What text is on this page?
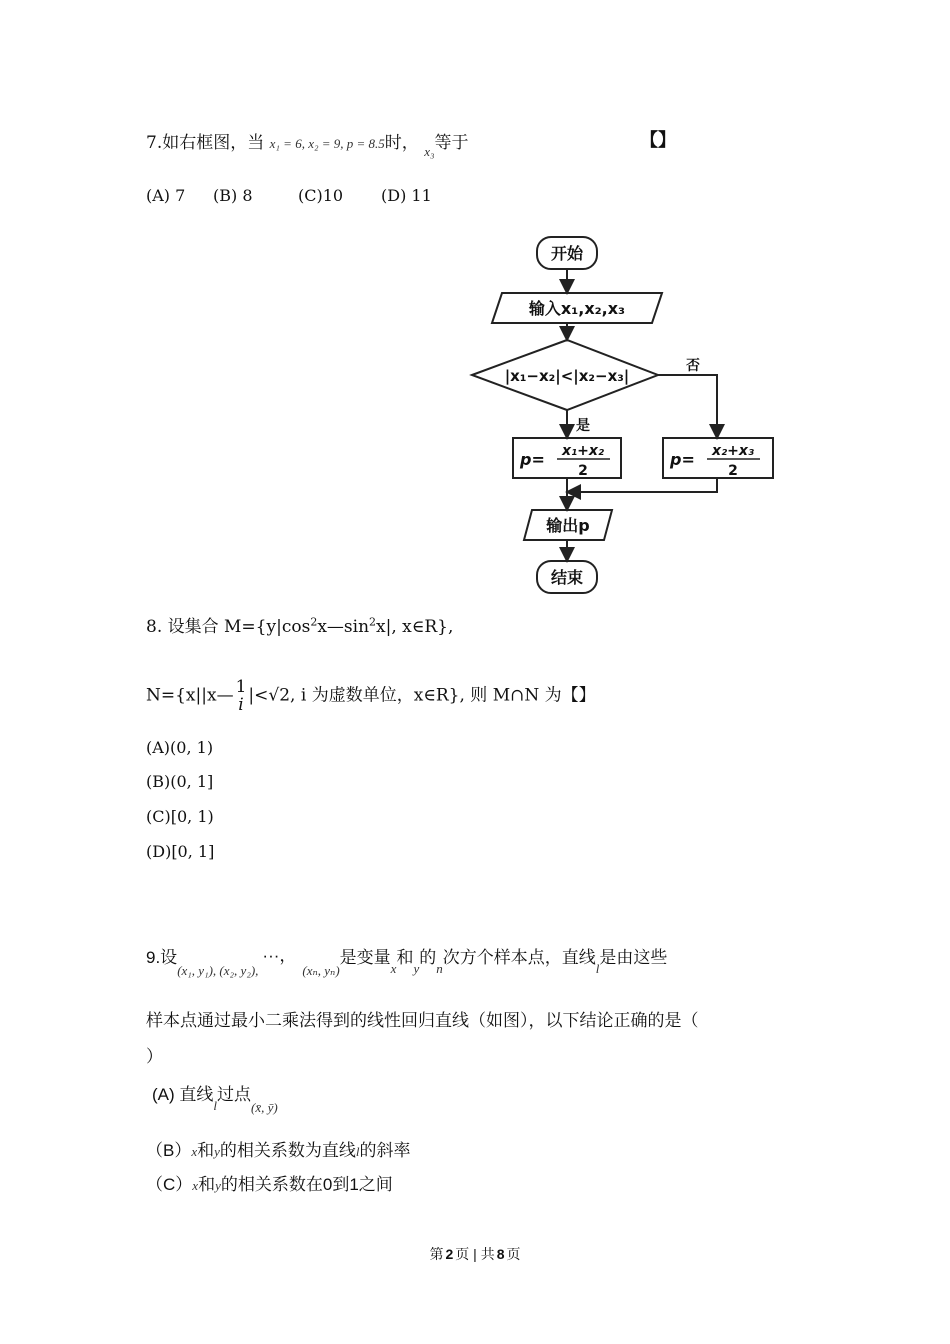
7.如右框图，当 x₁ = 6, x₂ = 9, p = 8.5时， $_{x_3}$等于	【】
(A) 7 (B) 8	(C)10 (D) 11
开始
输入x₁,x₂,x₃
|x₁−x₂|<|x₂−x₃|
否
是
p= x₁+x₂
2
p= x₂+x₃
2
输出p
结束
8. 设集合 $M=\{y|\cos^2x—\sin^2x|$, x∈R},
N={x||x— 1
i |<√2, i 为虚数单位，x∈R}, 则 M∩N 为【】
(A)(0, 1)
(B)(0, 1]
(C)[0, 1)
(D)[0, 1]
9.设$_{(x_1, y_1), (x_2, y_2),}$···，$_{(x_n, y_n)}$是变量$_x$和$_y$的$_n$次方个样本点，直线$_l$是由这些
样本点通过最小二乘法得到的线性回归直线（如图），以下结论正确的是（
）
(A) 直线$_l$过点$_{(x̄, ȳ)}$
（B）x和y的相关系数为直线l的斜率
（C）x和y的相关系数在0到1之间
第 2 页 | 共 8 页
